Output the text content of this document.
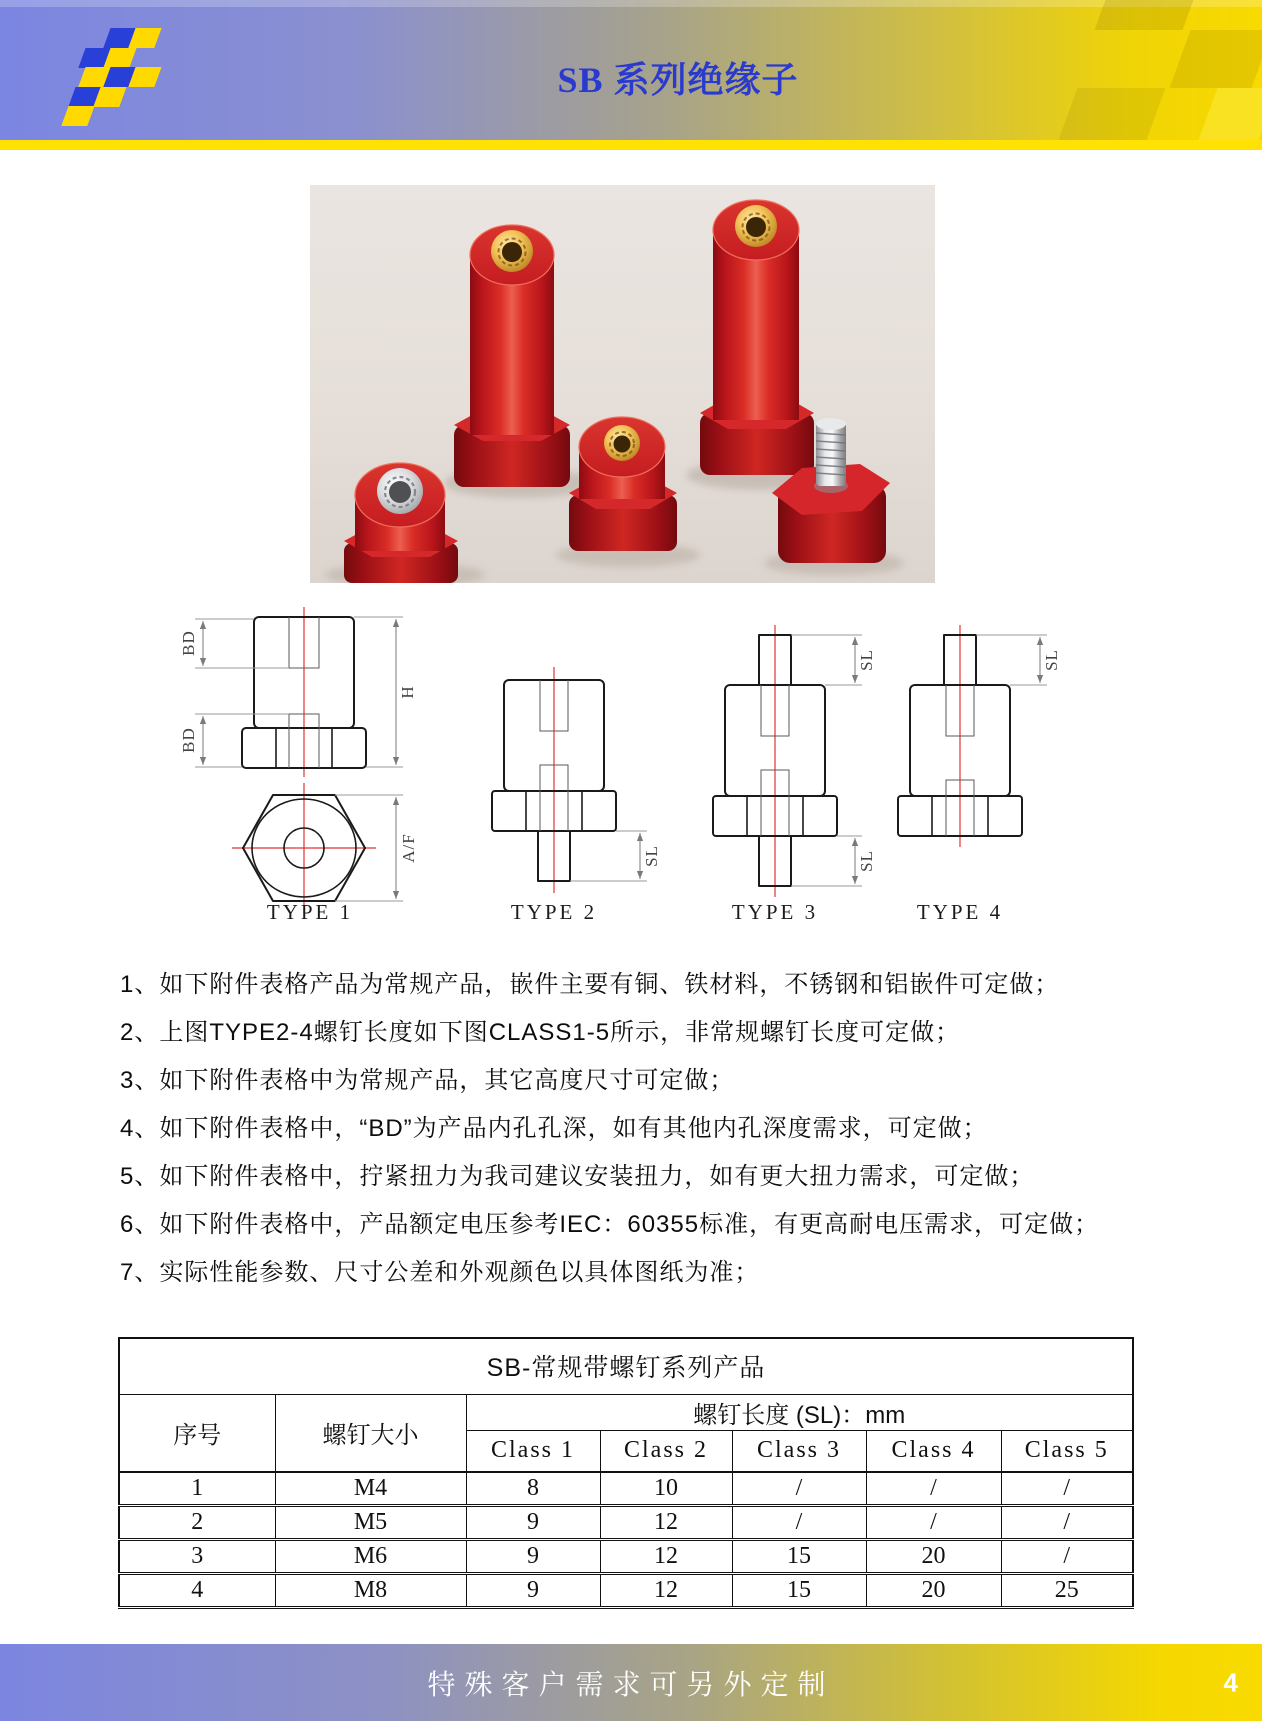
SB 系列绝缘子
BD
BD
H
A/F	SL
SL
SL
SL
TYPE 1	TYPE 2	TYPE 3	TYPE 4
1、如下附件表格产品为常规产品，嵌件主要有铜、铁材料，不锈钢和铝嵌件可定做；
2、上图TYPE2-4螺钉长度如下图CLASS1-5所示，非常规螺钉长度可定做；
3、如下附件表格中为常规产品，其它高度尺寸可定做；
4、如下附件表格中，“BD”为产品内孔孔深，如有其他内孔深度需求，可定做；
5、如下附件表格中，拧紧扭力为我司建议安装扭力，如有更大扭力需求，可定做；
6、如下附件表格中，产品额定电压参考IEC：60355标准，有更高耐电压需求，可定做；
7、实际性能参数、尺寸公差和外观颜色以具体图纸为准；
SB-常规带螺钉系列产品						
序号	螺钉大小	螺钉长度 (SL)：mm				
		Class 1	Class 2	Class 3	Class 4	Class 5
1	M4	8	10	/	/	/
2	M5	9	12	/	/	/
3	M6	9	12	15	20	/
4	M8	9	12	15	20	25
特殊客户需求可另外定制	4
